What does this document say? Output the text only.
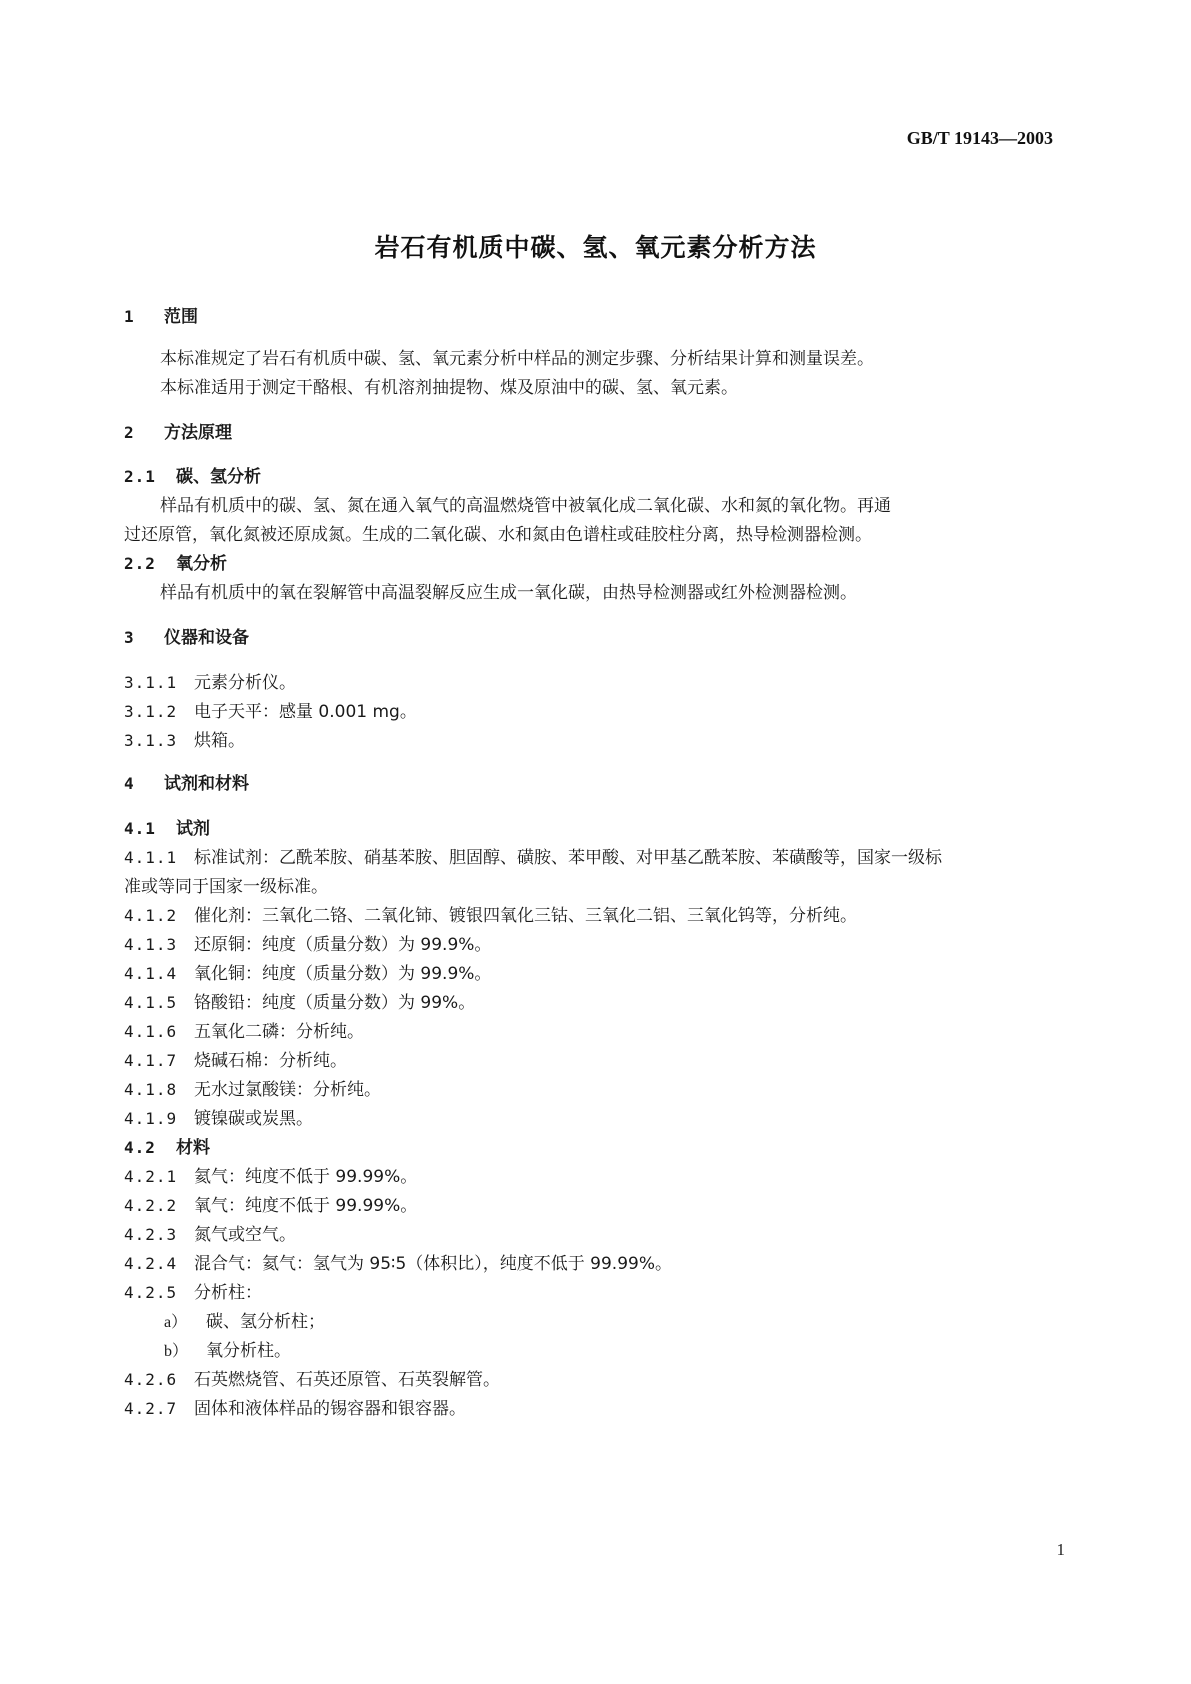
GB/T 19143—2003
岩石有机质中碳、氢、氧元素分析方法
1 范围
本标准规定了岩石有机质中碳、氢、氧元素分析中样品的测定步骤、分析结果计算和测量误差。
本标准适用于测定干酪根、有机溶剂抽提物、煤及原油中的碳、氢、氧元素。
2 方法原理
2.1 碳、氢分析
样品有机质中的碳、氢、氮在通入氧气的高温燃烧管中被氧化成二氧化碳、水和氮的氧化物。再通
过还原管，氧化氮被还原成氮。生成的二氧化碳、水和氮由色谱柱或硅胶柱分离，热导检测器检测。
2.2 氧分析
样品有机质中的氧在裂解管中高温裂解反应生成一氧化碳，由热导检测器或红外检测器检测。
3 仪器和设备
3.1.1 元素分析仪。
3.1.2 电子天平：感量 0.001 mg。
3.1.3 烘箱。
4 试剂和材料
4.1 试剂
4.1.1 标准试剂：乙酰苯胺、硝基苯胺、胆固醇、磺胺、苯甲酸、对甲基乙酰苯胺、苯磺酸等，国家一级标
准或等同于国家一级标准。
4.1.2 催化剂：三氧化二铬、二氧化铈、镀银四氧化三钴、三氧化二铝、三氧化钨等，分析纯。
4.1.3 还原铜：纯度（质量分数）为 99.9%。
4.1.4 氧化铜：纯度（质量分数）为 99.9%。
4.1.5 铬酸铅：纯度（质量分数）为 99%。
4.1.6 五氧化二磷：分析纯。
4.1.7 烧碱石棉：分析纯。
4.1.8 无水过氯酸镁：分析纯。
4.1.9 镀镍碳或炭黑。
4.2 材料
4.2.1 氦气：纯度不低于 99.99%。
4.2.2 氧气：纯度不低于 99.99%。
4.2.3 氮气或空气。
4.2.4 混合气：氦气：氢气为 95∶5（体积比），纯度不低于 99.99%。
4.2.5 分析柱：
a） 碳、氢分析柱；
b） 氧分析柱。
4.2.6 石英燃烧管、石英还原管、石英裂解管。
4.2.7 固体和液体样品的锡容器和银容器。
1
